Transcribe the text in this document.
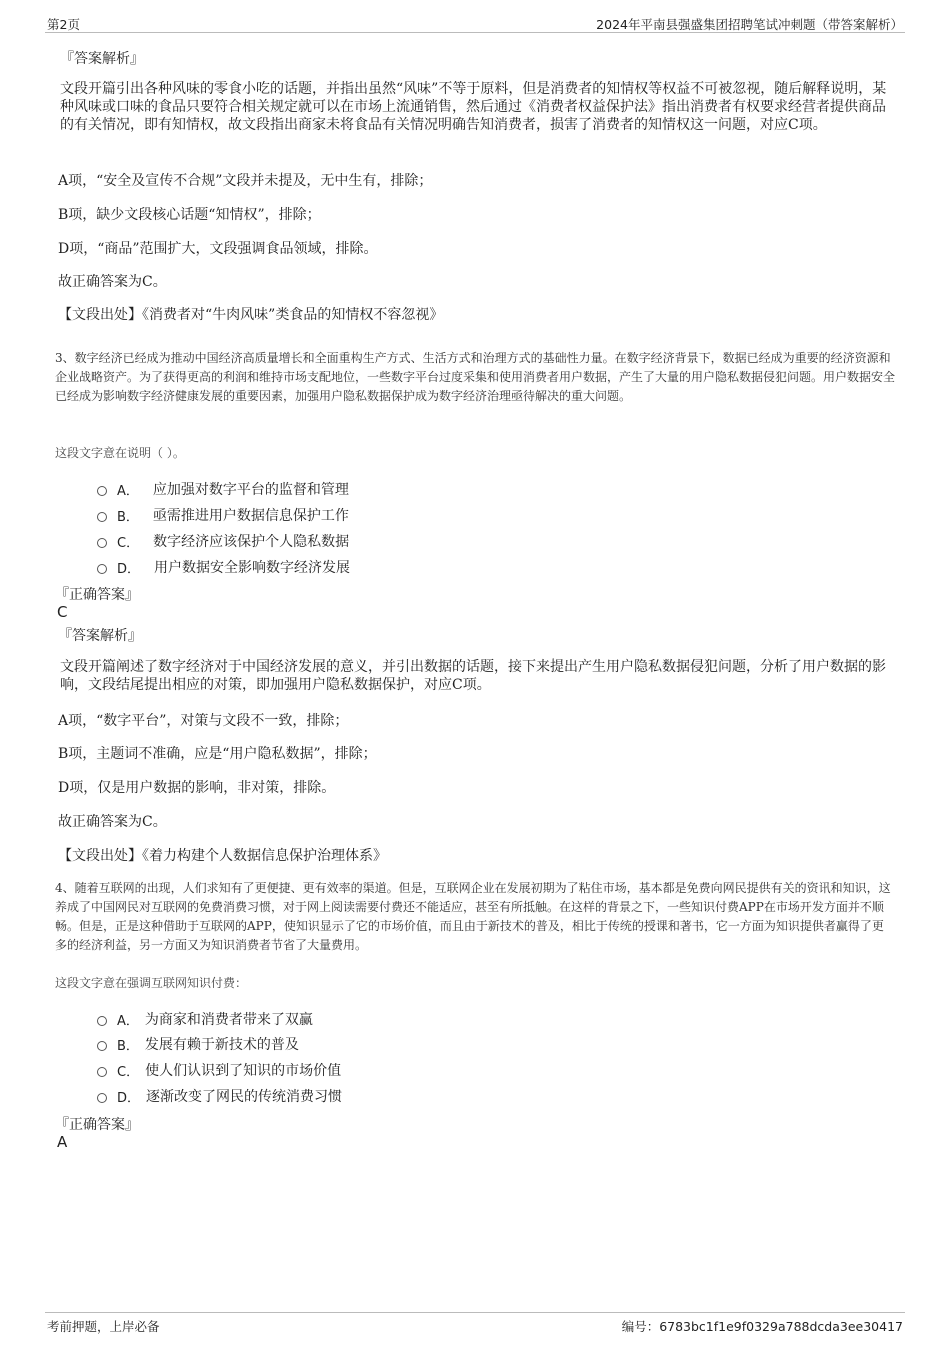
第2页	2024年平南县强盛集团招聘笔试冲刺题（带答案解析）
『答案解析』
文段开篇引出各种风味的零食小吃的话题，并指出虽然“风味”不等于原料，但是消费者的知情权等权益不可被忽视，随后解释说明，某种风味或口味的食品只要符合相关规定就可以在市场上流通销售，然后通过《消费者权益保护法》指出消费者有权要求经营者提供商品的有关情况，即有知情权，故文段指出商家未将食品有关情况明确告知消费者，损害了消费者的知情权这一问题，对应C项。
A项，“安全及宣传不合规”文段并未提及，无中生有，排除；
B项，缺少文段核心话题“知情权”，排除；
D项，“商品”范围扩大，文段强调食品领域，排除。
故正确答案为C。
【文段出处】《消费者对“牛肉风味”类食品的知情权不容忽视》
3、数字经济已经成为推动中国经济高质量增长和全面重构生产方式、生活方式和治理方式的基础性力量。在数字经济背景下，数据已经成为重要的经济资源和企业战略资产。为了获得更高的利润和维持市场支配地位，一些数字平台过度采集和使用消费者用户数据，产生了大量的用户隐私数据侵犯问题。用户数据安全已经成为影响数字经济健康发展的重要因素，加强用户隐私数据保护成为数字经济治理亟待解决的重大问题。
这段文字意在说明（ ）。
A． 应加强对数字平台的监督和管理
B． 亟需推进用户数据信息保护工作
C． 数字经济应该保护个人隐私数据
D． 用户数据安全影响数字经济发展
『正确答案』
C
『答案解析』
文段开篇阐述了数字经济对于中国经济发展的意义，并引出数据的话题，接下来提出产生用户隐私数据侵犯问题，分析了用户数据的影响，文段结尾提出相应的对策，即加强用户隐私数据保护，对应C项。
A项，“数字平台”，对策与文段不一致，排除；
B项，主题词不准确，应是“用户隐私数据”，排除；
D项，仅是用户数据的影响，非对策，排除。
故正确答案为C。
【文段出处】《着力构建个人数据信息保护治理体系》
4、随着互联网的出现，人们求知有了更便捷、更有效率的渠道。但是，互联网企业在发展初期为了粘住市场，基本都是免费向网民提供有关的资讯和知识，这养成了中国网民对互联网的免费消费习惯，对于网上阅读需要付费还不能适应，甚至有所抵触。在这样的背景之下，一些知识付费APP在市场开发方面并不顺畅。但是，正是这种借助于互联网的APP，使知识显示了它的市场价值，而且由于新技术的普及，相比于传统的授课和著书，它一方面为知识提供者赢得了更多的经济利益，另一方面又为知识消费者节省了大量费用。
这段文字意在强调互联网知识付费：
A． 为商家和消费者带来了双赢
B． 发展有赖于新技术的普及
C． 使人们认识到了知识的市场价值
D． 逐渐改变了网民的传统消费习惯
『正确答案』
A
考前押题，上岸必备	编号：6783bc1f1e9f0329a788dcda3ee30417
